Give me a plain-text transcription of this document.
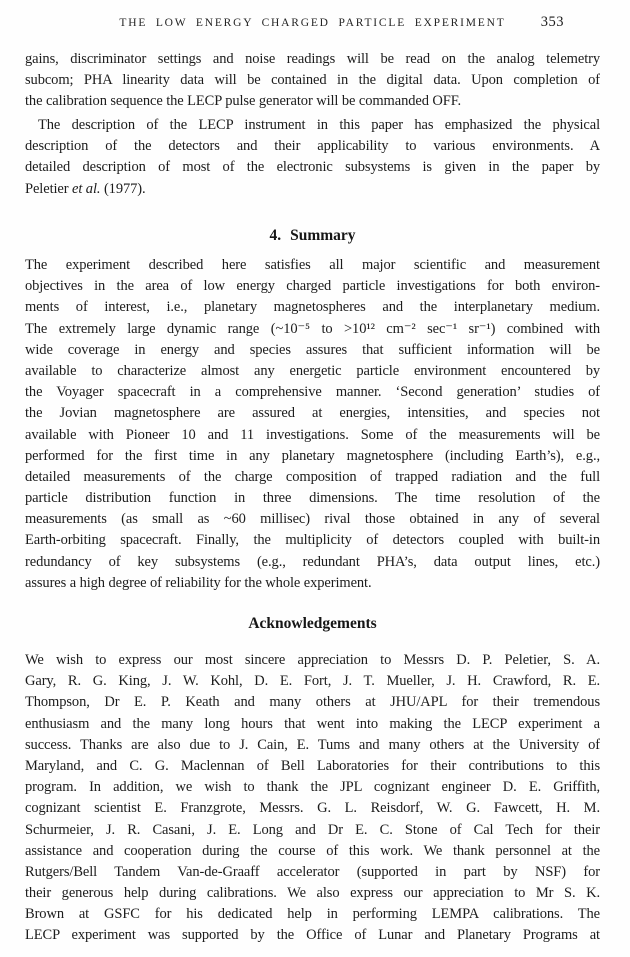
THE LOW ENERGY CHARGED PARTICLE EXPERIMENT	353
gains, discriminator settings and noise readings will be read on the analog telemetry
subcom; PHA linearity data will be contained in the digital data. Upon completion of
the calibration sequence the LECP pulse generator will be commanded OFF.
The description of the LECP instrument in this paper has emphasized the physical
description of the detectors and their applicability to various environments. A
detailed description of most of the electronic subsystems is given in the paper by
Peletier et al. (1977).
4. Summary
The experiment described here satisfies all major scientific and measurement
objectives in the area of low energy charged particle investigations for both environ-
ments of interest, i.e., planetary magnetospheres and the interplanetary medium.
The extremely large dynamic range (~10⁻⁵ to >10¹² cm⁻² sec⁻¹ sr⁻¹) combined with
wide coverage in energy and species assures that sufficient information will be
available to characterize almost any energetic particle environment encountered by
the Voyager spacecraft in a comprehensive manner. ‘Second generation’ studies of
the Jovian magnetosphere are assured at energies, intensities, and species not
available with Pioneer 10 and 11 investigations. Some of the measurements will be
performed for the first time in any planetary magnetosphere (including Earth’s), e.g.,
detailed measurements of the charge composition of trapped radiation and the full
particle distribution function in three dimensions. The time resolution of the
measurements (as small as ~60 millisec) rival those obtained in any of several
Earth-orbiting spacecraft. Finally, the multiplicity of detectors coupled with built-in
redundancy of key subsystems (e.g., redundant PHA’s, data output lines, etc.)
assures a high degree of reliability for the whole experiment.
Acknowledgements
We wish to express our most sincere appreciation to Messrs D. P. Peletier, S. A.
Gary, R. G. King, J. W. Kohl, D. E. Fort, J. T. Mueller, J. H. Crawford, R. E.
Thompson, Dr E. P. Keath and many others at JHU/APL for their tremendous
enthusiasm and the many long hours that went into making the LECP experiment a
success. Thanks are also due to J. Cain, E. Tums and many others at the University of
Maryland, and C. G. Maclennan of Bell Laboratories for their contributions to this
program. In addition, we wish to thank the JPL cognizant engineer D. E. Griffith,
cognizant scientist E. Franzgrote, Messrs. G. L. Reisdorf, W. G. Fawcett, H. M.
Schurmeier, J. R. Casani, J. E. Long and Dr E. C. Stone of Cal Tech for their
assistance and cooperation during the course of this work. We thank personnel at the
Rutgers/Bell Tandem Van-de-Graaff accelerator (supported in part by NSF) for
their generous help during calibrations. We also express our appreciation to Mr S. K.
Brown at GSFC for his dedicated help in performing LEMPA calibrations. The
LECP experiment was supported by the Office of Lunar and Planetary Programs at
